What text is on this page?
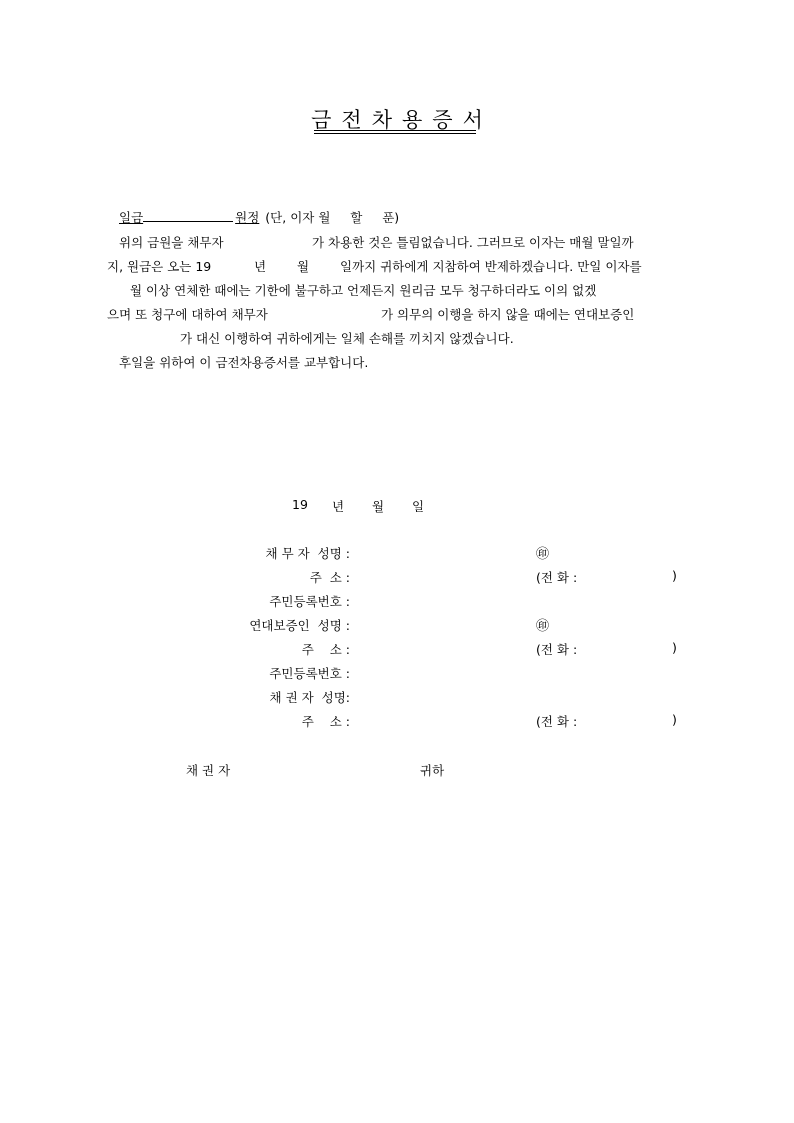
금전차용증서
일금	원정 (단, 이자 월     할     푼)
위의 금원을 채무자	가 차용한 것은 틀림없습니다. 그러므로 이자는 매월 말일까
지, 원금은 오는 19	년 월 일까지 귀하에게 지참하여 반제하겠습니다. 만일 이자를
월 이상 연체한 때에는 기한에 불구하고 언제든지 원리금 모두 청구하더라도 이의 없겠
으며 또 청구에 대하여 채무자	가 의무의 이행을 하지 않을 때에는 연대보증인
가 대신 이행하여 귀하에게는 일체 손해를 끼치지 않겠습니다.
후일을 위하여 이 금전차용증서를 교부합니다.
19 년 월 일
채 무 자  성명 :	㊞
주  소 :	(전 화 :	)
주민등록번호 :
연대보증인  성명 :	㊞
주    소 :	(전 화 :	)
주민등록번호 :
채 권 자  성명:
주    소 :	(전 화 :	)
채 권 자	귀하
